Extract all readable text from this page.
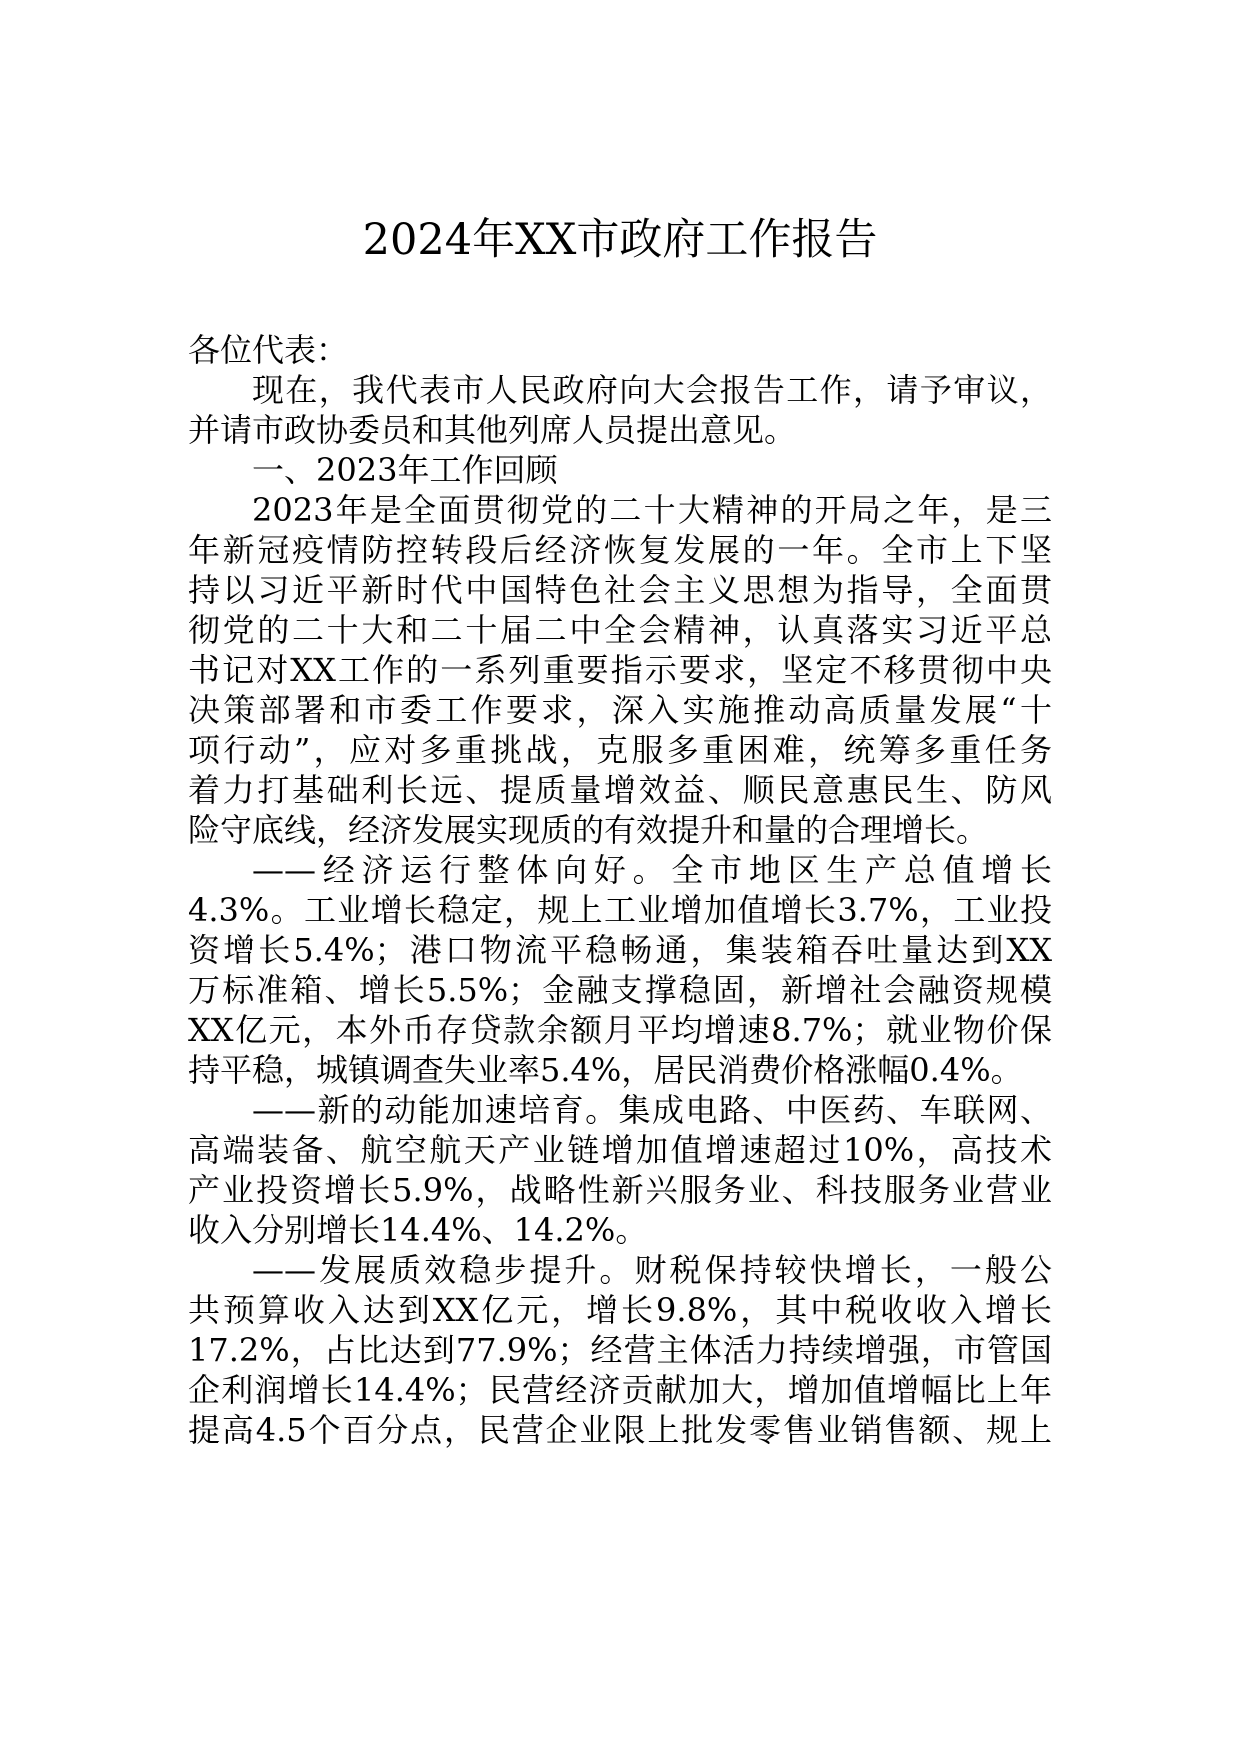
2024年XX市政府工作报告
各位代表：
现在，我代表市人民政府向大会报告工作，请予审议，
并请市政协委员和其他列席人员提出意见。
一、2023年工作回顾
2023年是全面贯彻党的二十大精神的开局之年，是三
年新冠疫情防控转段后经济恢复发展的一年。全市上下坚
持以习近平新时代中国特色社会主义思想为指导，全面贯
彻党的二十大和二十届二中全会精神，认真落实习近平总
书记对XX工作的一系列重要指示要求，坚定不移贯彻中央
决策部署和市委工作要求，深入实施推动高质量发展“十
项行动”，应对多重挑战，克服多重困难，统筹多重任务
着力打基础利长远、提质量增效益、顺民意惠民生、防风
险守底线，经济发展实现质的有效提升和量的合理增长。
——经济运行整体向好。全市地区生产总值增长
4.3%。工业增长稳定，规上工业增加值增长3.7%，工业投
资增长5.4%；港口物流平稳畅通，集装箱吞吐量达到XX
万标准箱、增长5.5%；金融支撑稳固，新增社会融资规模
XX亿元，本外币存贷款余额月平均增速8.7%；就业物价保
持平稳，城镇调查失业率5.4%，居民消费价格涨幅0.4%。
——新的动能加速培育。集成电路、中医药、车联网、
高端装备、航空航天产业链增加值增速超过10%，高技术
产业投资增长5.9%，战略性新兴服务业、科技服务业营业
收入分别增长14.4%、14.2%。
——发展质效稳步提升。财税保持较快增长，一般公
共预算收入达到XX亿元，增长9.8%，其中税收收入增长
17.2%，占比达到77.9%；经营主体活力持续增强，市管国
企利润增长14.4%；民营经济贡献加大，增加值增幅比上年
提高4.5个百分点，民营企业限上批发零售业销售额、规上
